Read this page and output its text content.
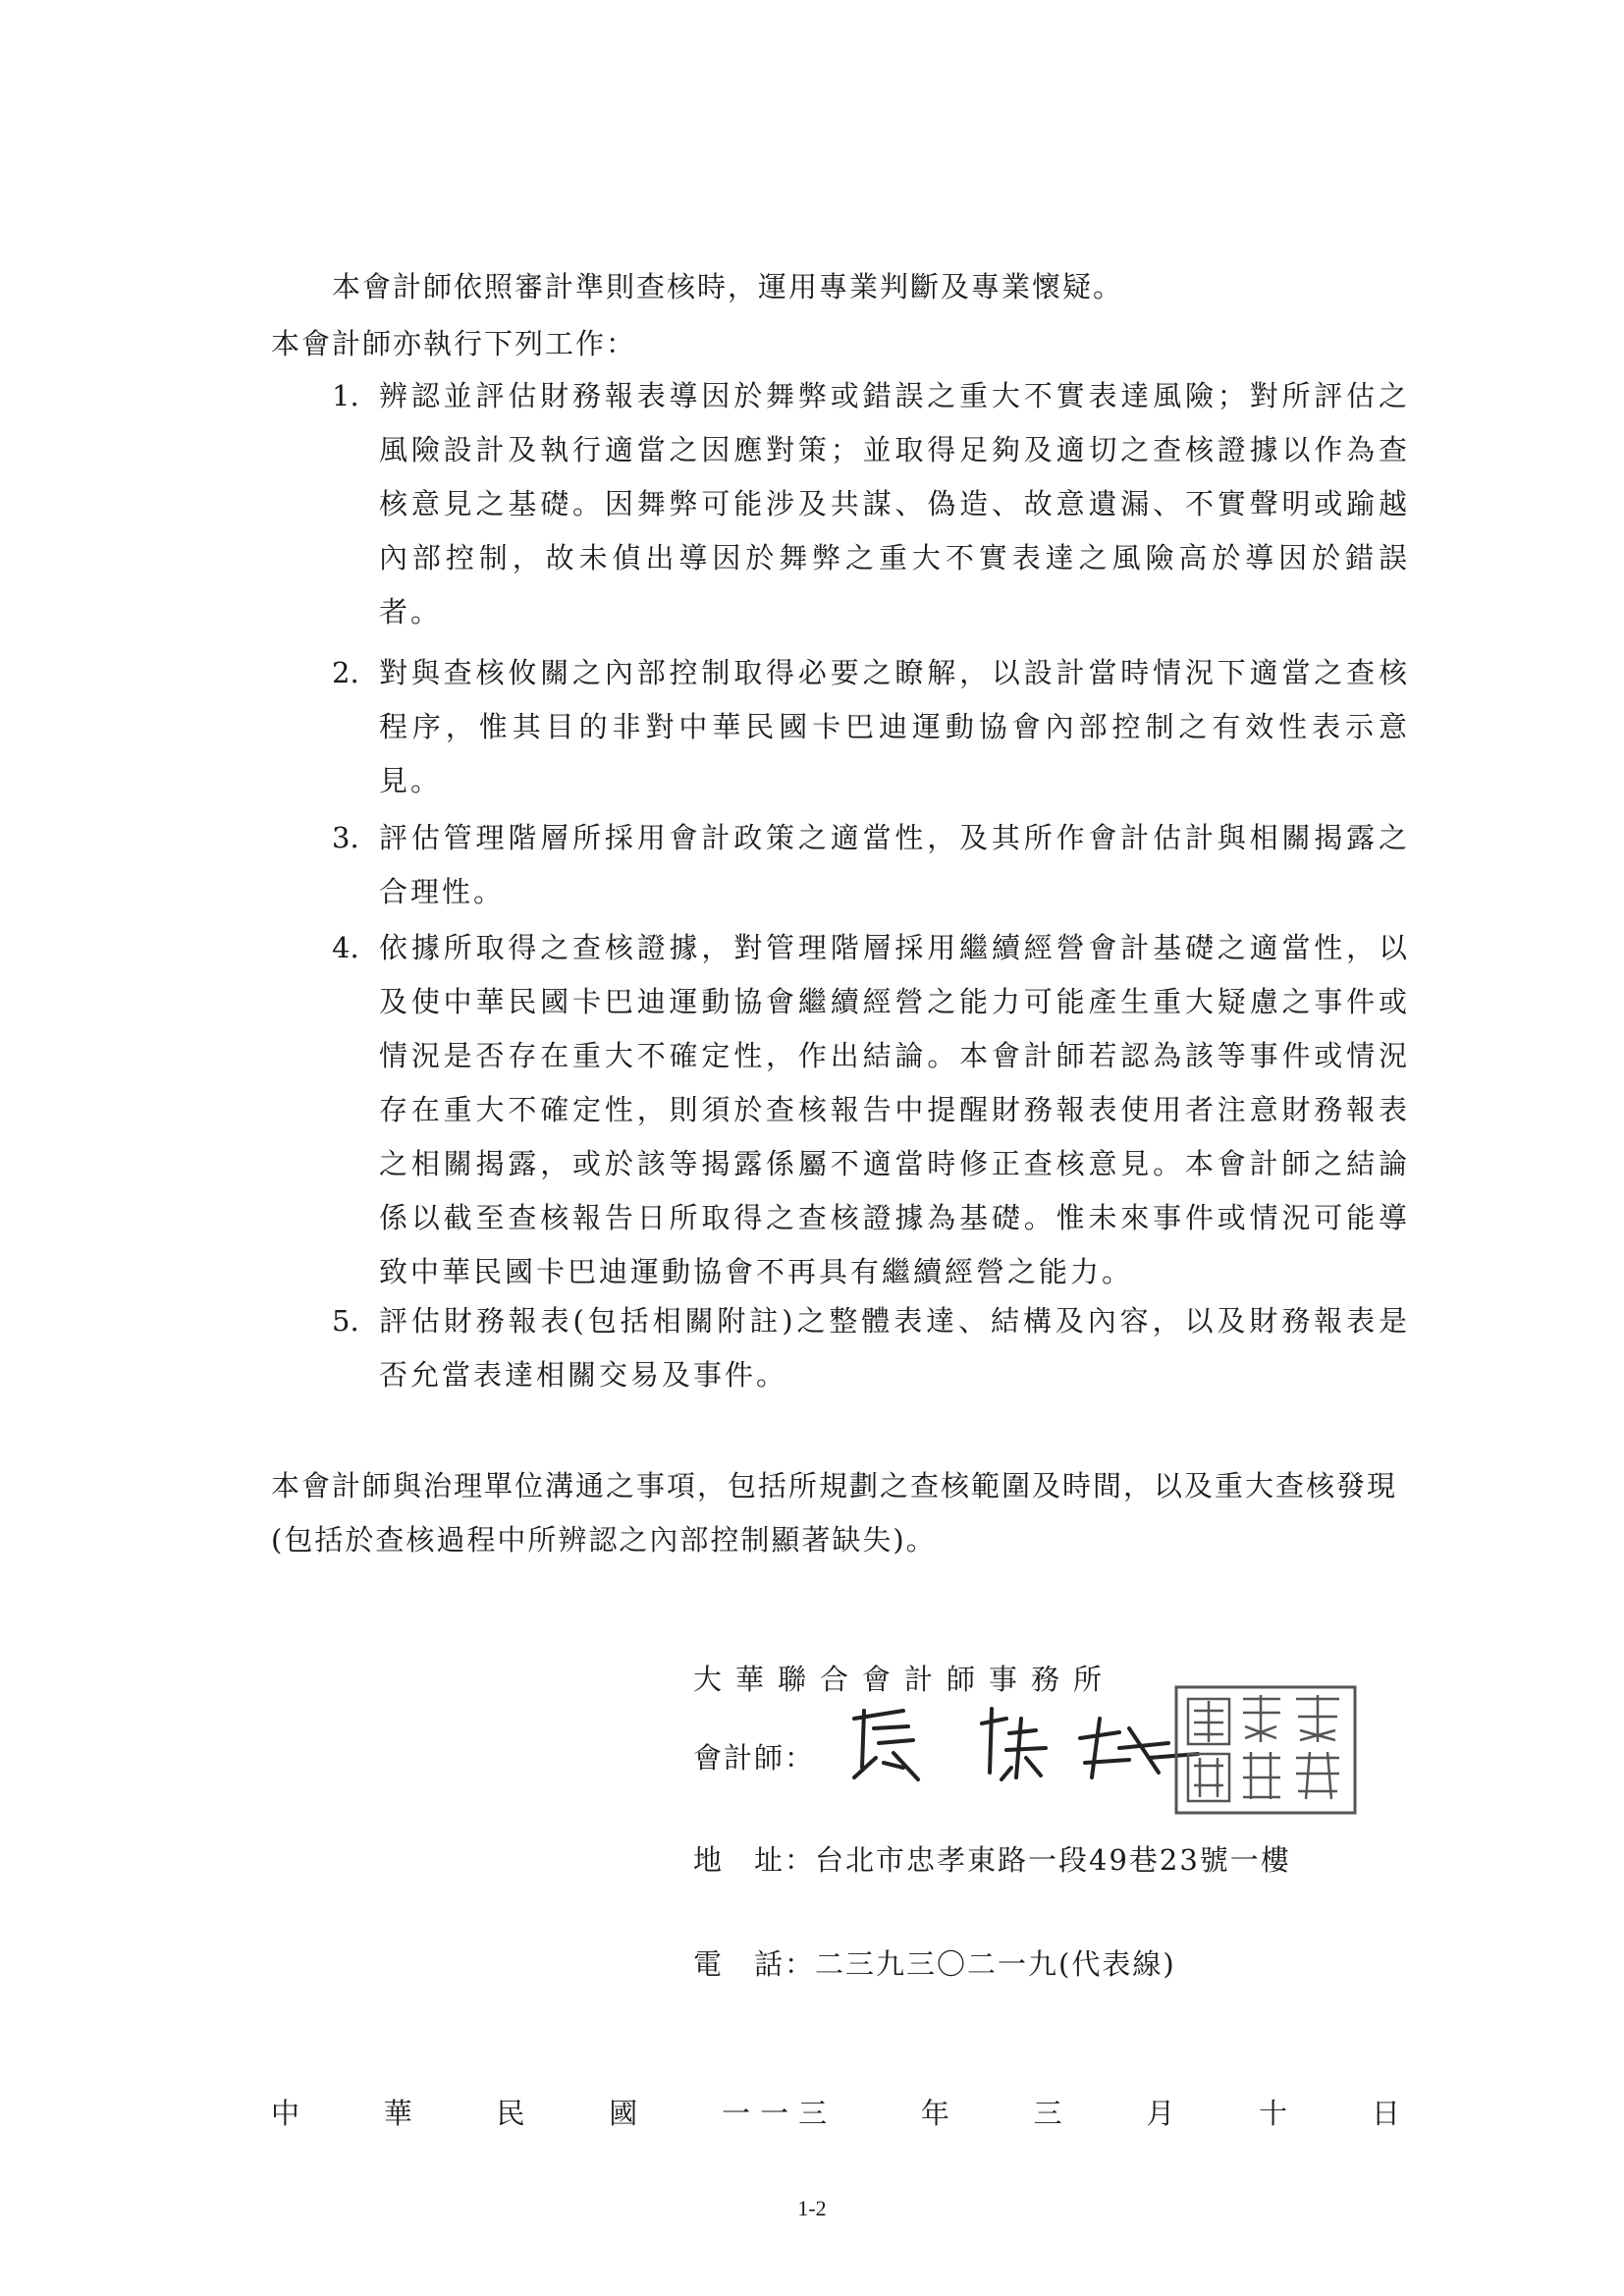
本會計師依照審計準則查核時，運用專業判斷及專業懷疑。
本會計師亦執行下列工作：
1. 辨認並評估財務報表導因於舞弊或錯誤之重大不實表達風險；對所評估之風險設計及執行適當之因應對策；並取得足夠及適切之查核證據以作為查核意見之基礎。因舞弊可能涉及共謀、偽造、故意遺漏、不實聲明或踰越內部控制，故未偵出導因於舞弊之重大不實表達之風險高於導因於錯誤者。
2. 對與查核攸關之內部控制取得必要之瞭解，以設計當時情況下適當之查核程序，惟其目的非對中華民國卡巴迪運動協會內部控制之有效性表示意見。
3. 評估管理階層所採用會計政策之適當性，及其所作會計估計與相關揭露之合理性。
4. 依據所取得之查核證據，對管理階層採用繼續經營會計基礎之適當性，以及使中華民國卡巴迪運動協會繼續經營之能力可能產生重大疑慮之事件或情況是否存在重大不確定性，作出結論。本會計師若認為該等事件或情況存在重大不確定性，則須於查核報告中提醒財務報表使用者注意財務報表之相關揭露，或於該等揭露係屬不適當時修正查核意見。本會計師之結論係以截至查核報告日所取得之查核證據為基礎。惟未來事件或情況可能導致中華民國卡巴迪運動協會不再具有繼續經營之能力。
5. 評估財務報表(包括相關附註)之整體表達、結構及內容，以及財務報表是否允當表達相關交易及事件。
本會計師與治理單位溝通之事項，包括所規劃之查核範圍及時間，以及重大查核發現(包括於查核過程中所辨認之內部控制顯著缺失)。
大華聯合會計師事務所
會計師：
地　址：台北市忠孝東路一段49巷23號一樓
電　話：二三九三〇二一九(代表線)
中	華	民	國	一一三	年	三	月	十	日
1-2
